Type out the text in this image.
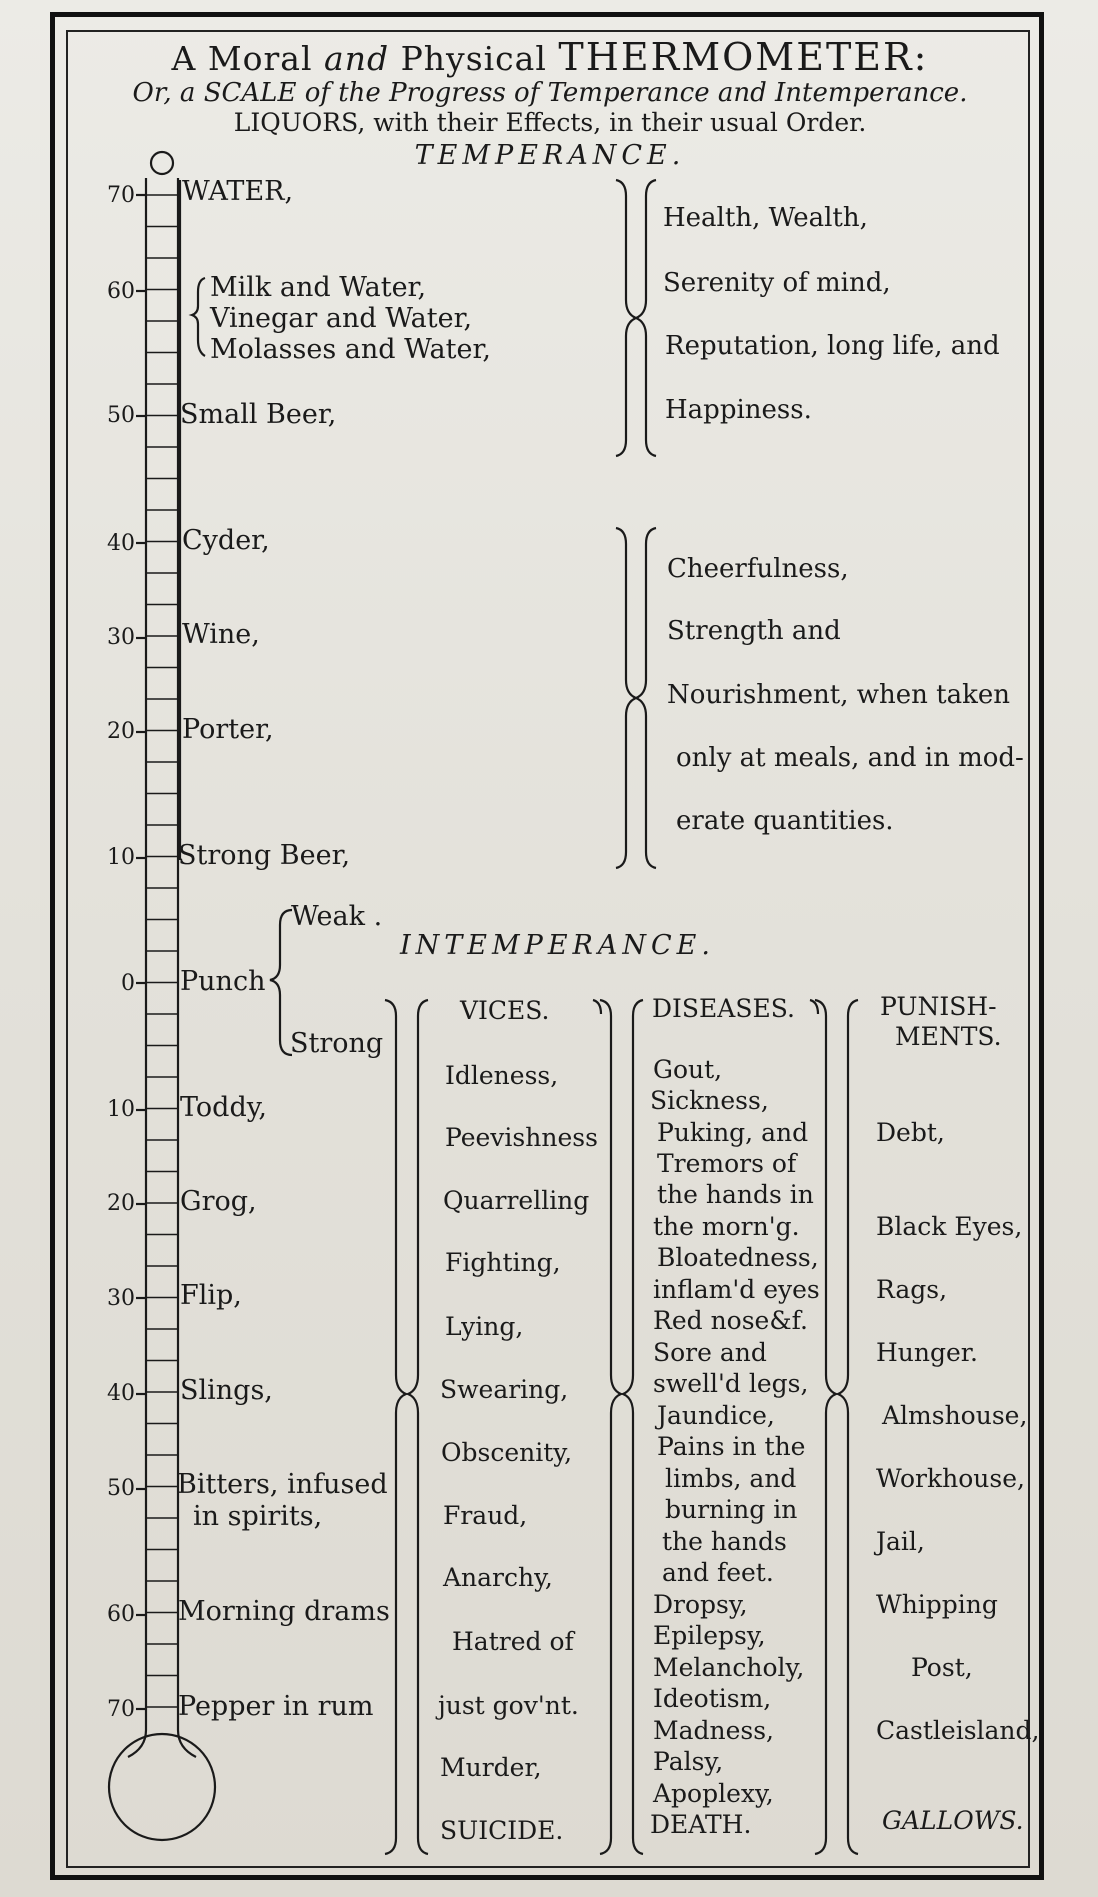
A Moral and Physical THERMOMETER:
Or, a SCALE of the Progress of Temperance and Intemperance.
LIQUORS, with their Effects, in their usual Order.
TEMPERANCE.
70
60
50
40
30
20
10
0
10
20
30
40
50
60
70
WATER,
Milk and Water,
Vinegar and Water,
Molasses and Water,
Small Beer,
Cyder,
Wine,
Porter,
Strong Beer,
Health, Wealth,
Serenity of mind,
Reputation, long life, and
Happiness.
Cheerfulness,
Strength and
Nourishment, when taken
only at meals, and in mod-
erate quantities.
Weak .
Punch
Strong
INTEMPERANCE.
Toddy,
Grog,
Flip,
Slings,
Bitters, infused
in spirits,
Morning drams
Pepper in rum
VICES.	DISEASES.	PUNISH-
MENTS.
Idleness,
Peevishness
Quarrelling
Fighting,
Lying,
Swearing,
Obscenity,
Fraud,
Anarchy,
Hatred of
just gov'nt.
Murder,
SUICIDE.
Gout,
Sickness,
Puking, and
Tremors of
the hands in
the morn'g.
Bloatedness,
inflam'd eyes
Red nose&f.
Sore and
swell'd legs,
Jaundice,
Pains in the
limbs, and
burning in
the hands
and feet.
Dropsy,
Epilepsy,
Melancholy,
Ideotism,
Madness,
Palsy,
Apoplexy,
DEATH.
Debt,
Black Eyes,
Rags,
Hunger.
Almshouse,
Workhouse,
Jail,
Whipping
Post,
Castleisland,
GALLOWS.
